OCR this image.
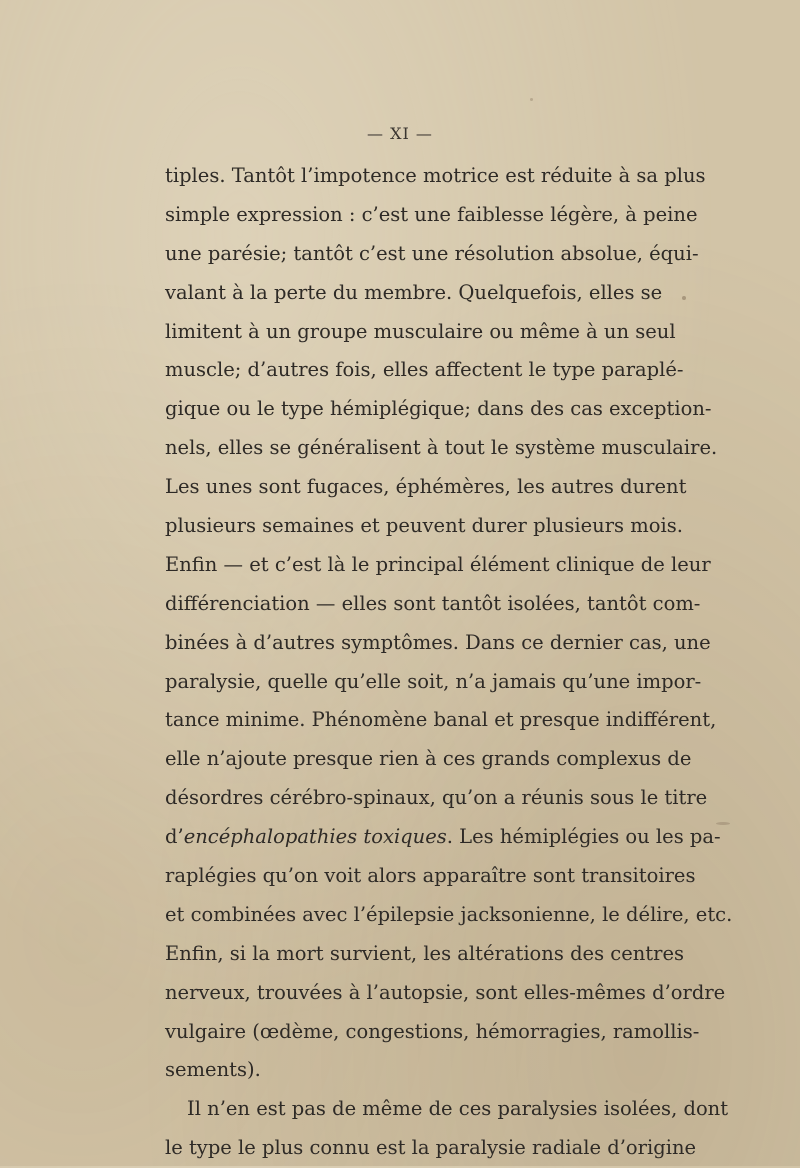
— XI —
tiples. Tantôt l’impotence motrice est réduite à sa plus
simple expression : c’est une faiblesse légère, à peine
une parésie; tantôt c’est une résolution absolue, équi-
valant à la perte du membre. Quelquefois, elles se
limitent à un groupe musculaire ou même à un seul
muscle; d’autres fois, elles affectent le type paraplé-
gique ou le type hémiplégique; dans des cas exception-
nels, elles se généralisent à tout le système musculaire.
Les unes sont fugaces, éphémères, les autres durent
plusieurs semaines et peuvent durer plusieurs mois.
Enfin — et c’est là le principal élément clinique de leur
différenciation — elles sont tantôt isolées, tantôt com-
binées à d’autres symptômes. Dans ce dernier cas, une
paralysie, quelle qu’elle soit, n’a jamais qu’une impor-
tance minime. Phénomène banal et presque indifférent,
elle n’ajoute presque rien à ces grands complexus de
désordres cérébro-spinaux, qu’on a réunis sous le titre
d’encéphalopathies toxiques. Les hémiplégies ou les pa-
raplégies qu’on voit alors apparaître sont transitoires
et combinées avec l’épilepsie jacksonienne, le délire, etc.
Enfin, si la mort survient, les altérations des centres
nerveux, trouvées à l’autopsie, sont elles-mêmes d’ordre
vulgaire (œdème, congestions, hémorragies, ramollis-
sements).
Il n’en est pas de même de ces paralysies isolées, dont
le type le plus connu est la paralysie radiale d’origine
